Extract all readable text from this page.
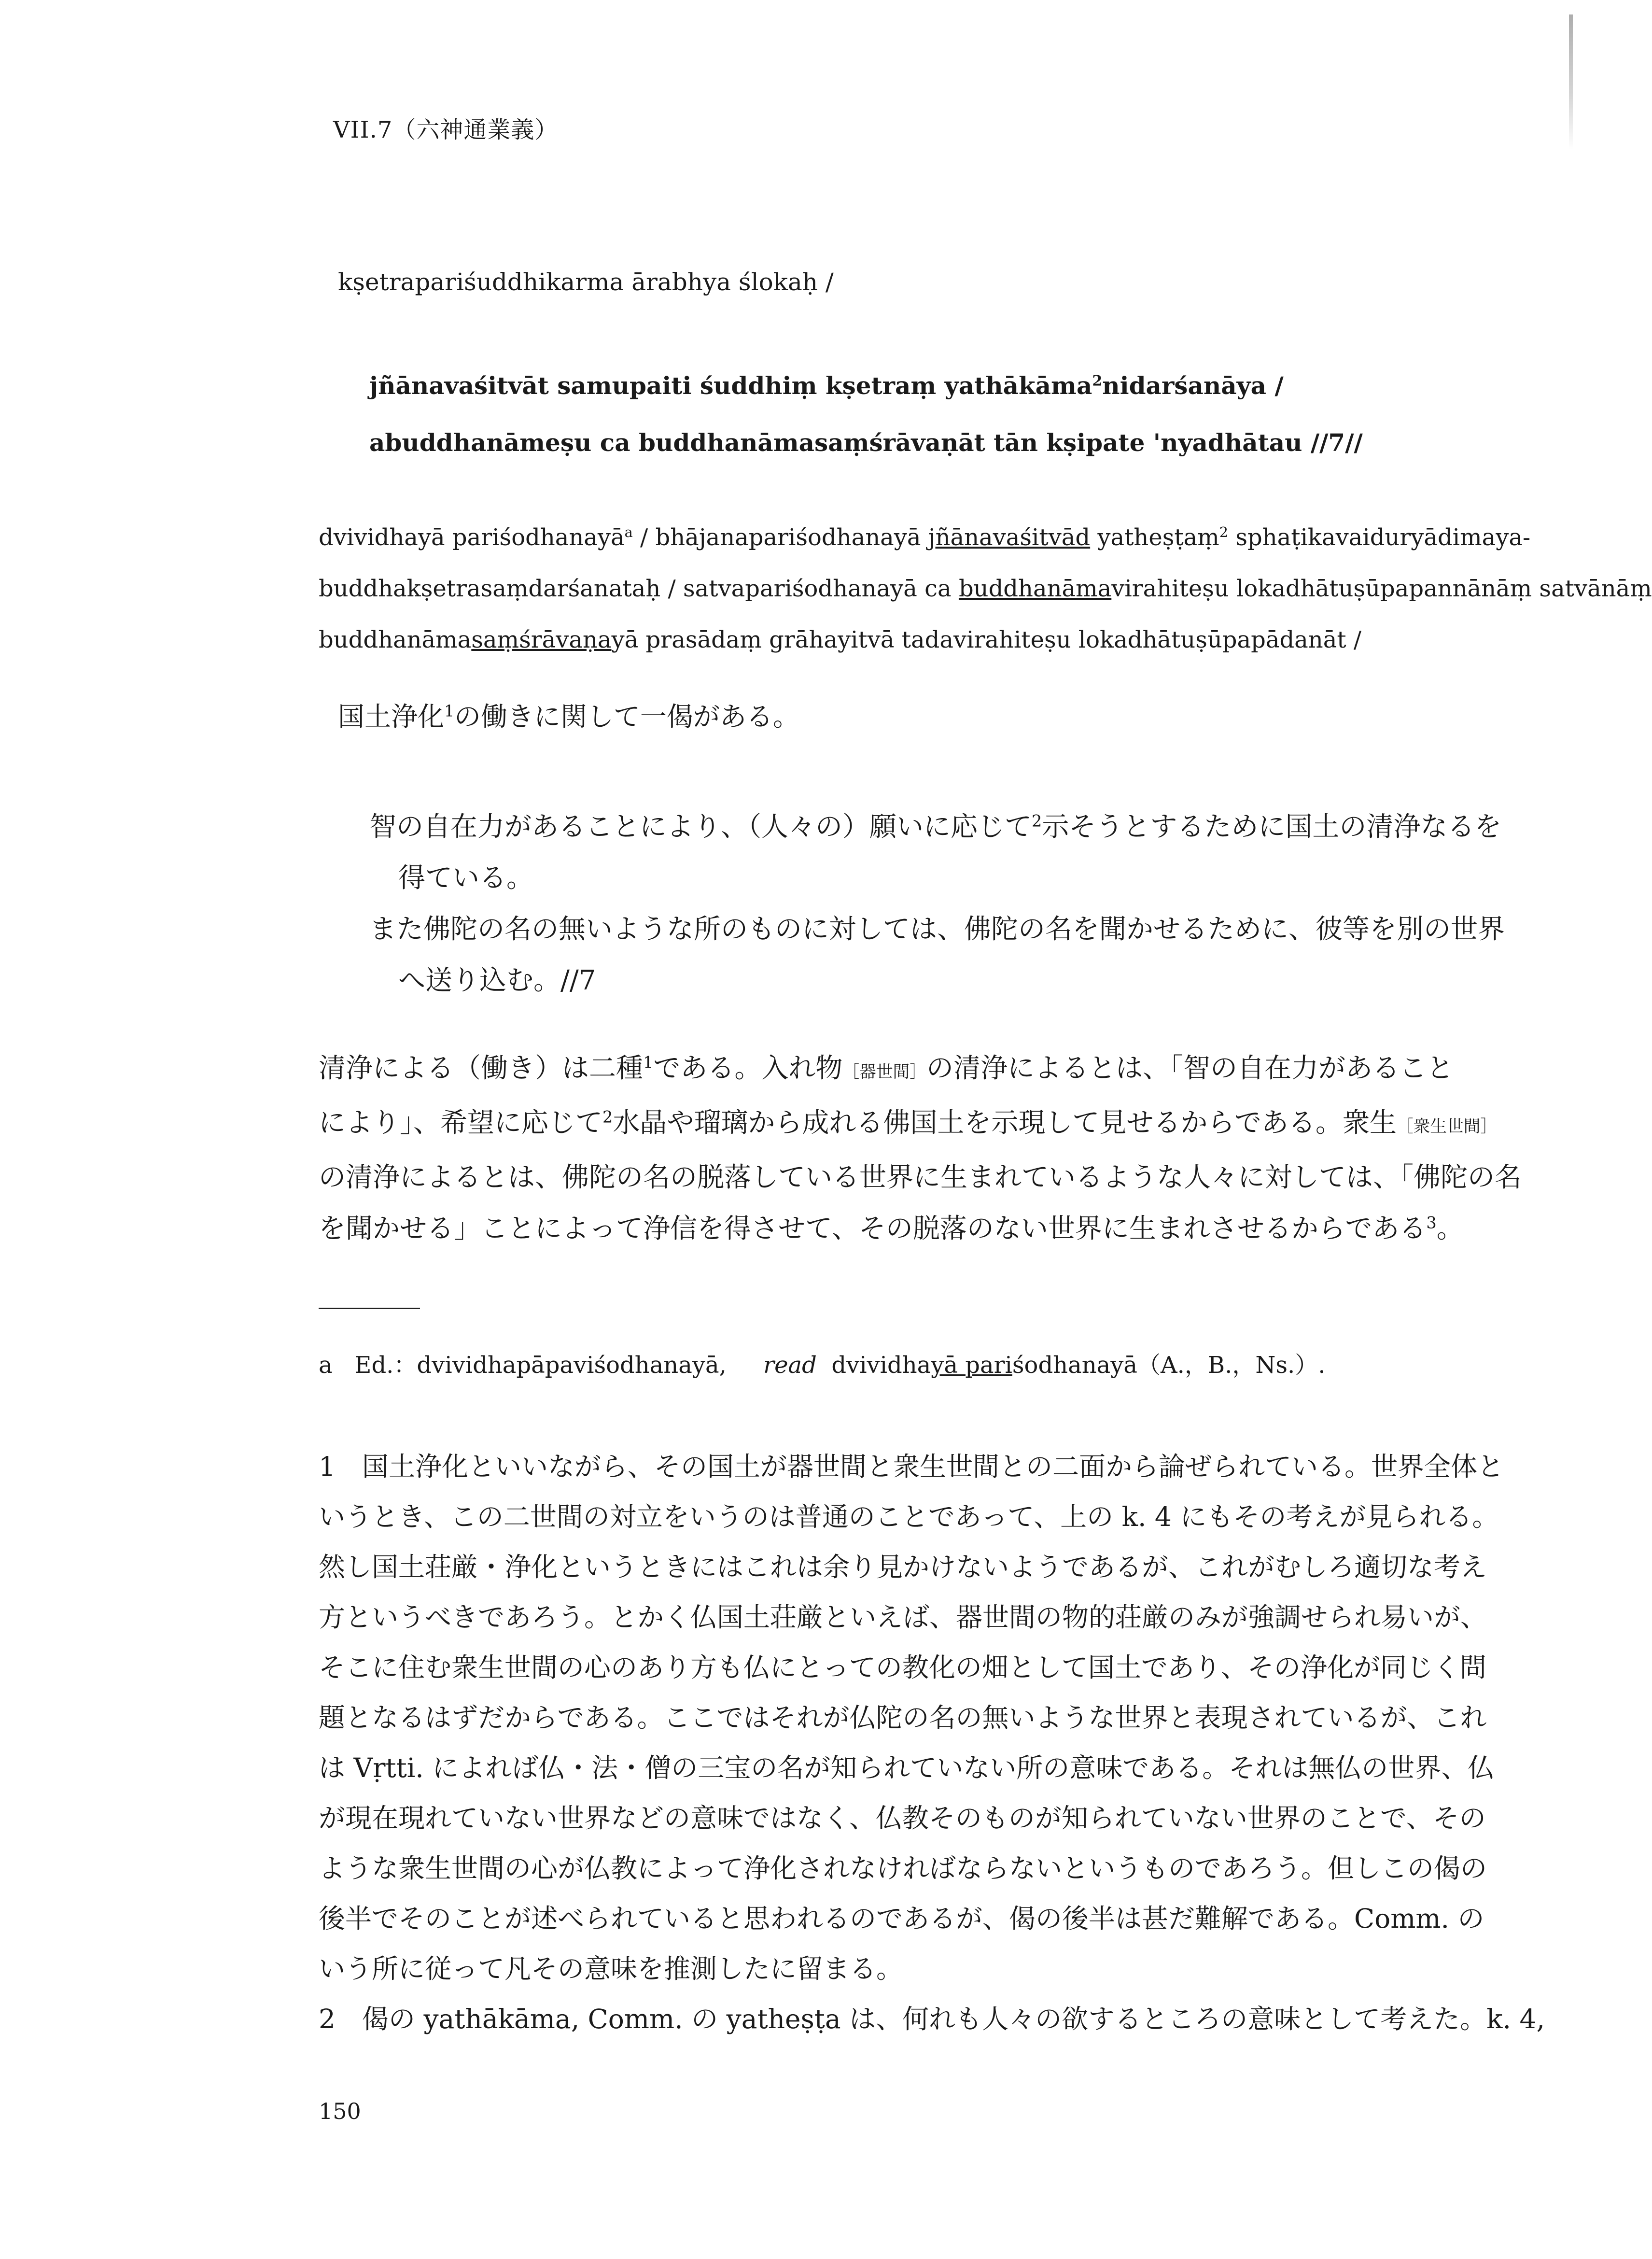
VII.7（六神通業義）
kṣetrapariśuddhikarma ārabhya ślokaḥ /
jñānavaśitvāt samupaiti śuddhiṃ kṣetraṃ yathākāma$^2$nidarśanāya /
abuddhanāmeṣu ca buddhanāmasaṃśrāvaṇāt tān kṣipate 'nyadhātau //7//
dvividhayā pariśodhanayā$^a$ / bhājanapariśodhanayā jñānavaśitvād yatheṣṭaṃ$^2$ sphaṭikavaiduryādimaya-
buddhakṣetrasaṃdarśanataḥ / satvapariśodhanayā ca buddhanāmavirahiteṣu lokadhātuṣūpapannānāṃ satvānāṃ
buddhanāmasaṃśrāvaṇayā prasādaṃ grāhayitvā tadavirahiteṣu lokadhātuṣūpapādanāt /
国土浄化$^1$の働きに関して一偈がある。
智の自在力があることにより、（人々の）願いに応じて$^2$示そうとするために国土の清浄なるを
得ている。
また佛陀の名の無いような所のものに対しては、佛陀の名を聞かせるために、彼等を別の世界
へ送り込む。//7
清浄による（働き）は二種$^1$である。入れ物［器世間］の清浄によるとは、「智の自在力があること
により」、希望に応じて$^2$水晶や瑠璃から成れる佛国土を示現して見せるからである。衆生［衆生世間］
の清浄によるとは、佛陀の名の脱落している世界に生まれているような人々に対しては、「佛陀の名
を聞かせる」ことによって浄信を得させて、その脱落のない世界に生まれさせるからである$^3$。
a Ed.：dvividhapāpaviśodhanayā, read dvividhayā pariśodhanayā（A.，B.，Ns.）.
1　国土浄化といいながら、その国土が器世間と衆生世間との二面から論ぜられている。世界全体と
いうとき、この二世間の対立をいうのは普通のことであって、上の k. 4 にもその考えが見られる。
然し国土荘厳・浄化というときにはこれは余り見かけないようであるが、これがむしろ適切な考え
方というべきであろう。とかく仏国土荘厳といえば、器世間の物的荘厳のみが強調せられ易いが、
そこに住む衆生世間の心のあり方も仏にとっての教化の畑として国土であり、その浄化が同じく問
題となるはずだからである。ここではそれが仏陀の名の無いような世界と表現されているが、これ
は Vṛtti. によれば仏・法・僧の三宝の名が知られていない所の意味である。それは無仏の世界、仏
が現在現れていない世界などの意味ではなく、仏教そのものが知られていない世界のことで、その
ような衆生世間の心が仏教によって浄化されなければならないというものであろう。但しこの偈の
後半でそのことが述べられていると思われるのであるが、偈の後半は甚だ難解である。Comm. の
いう所に従って凡その意味を推測したに留まる。
2　偈の yathākāma, Comm. の yatheṣṭa は、何れも人々の欲するところの意味として考えた。k. 4,
150
